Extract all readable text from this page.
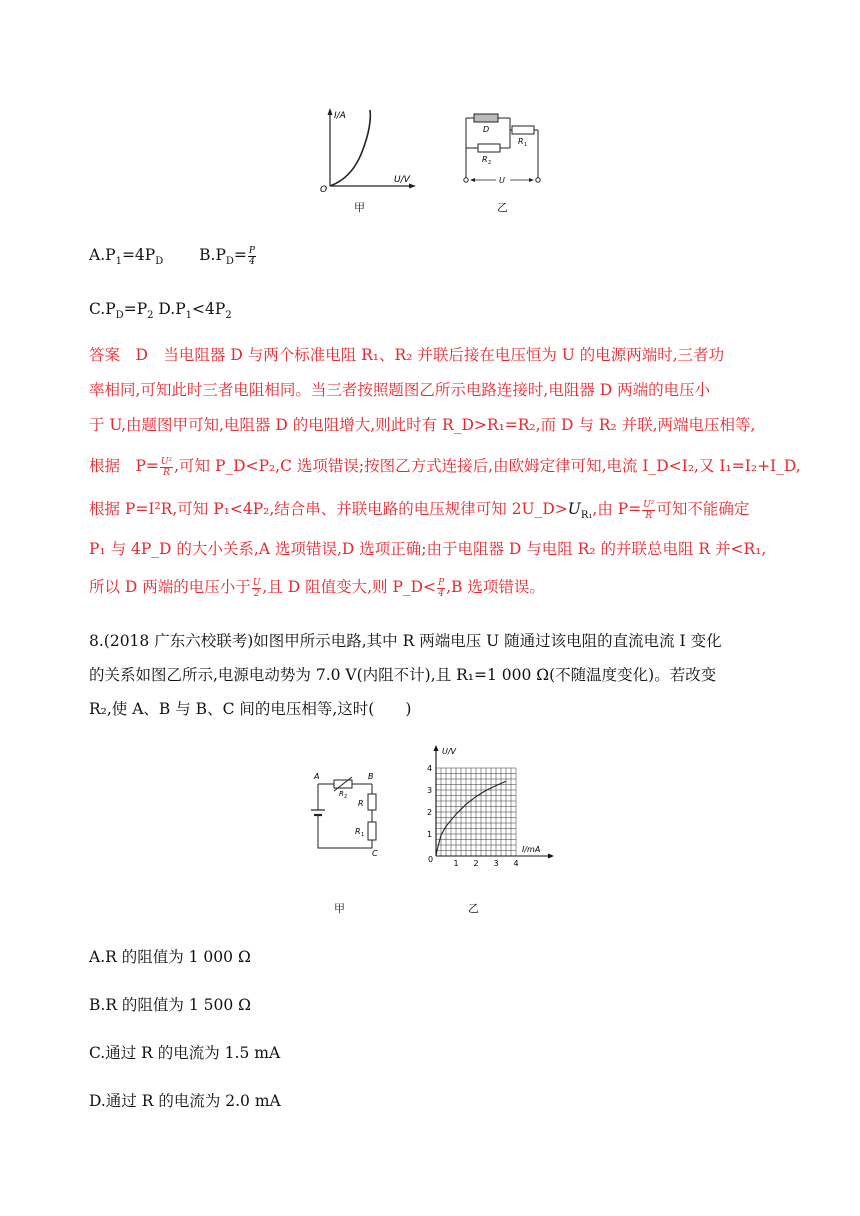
I/A
U/V
O
甲
D
R 1
R 2
U
乙
$A.P_1=4P_D$ $B.P_D= \frac{P}{4}$
$C.P_D=P_2$ $D.P_1<4P_2$
答案　D　当电阻器 D 与两个标准电阻 R₁、R₂ 并联后接在电压恒为 U 的电源两端时,三者功
率相同,可知此时三者电阻相同。当三者按照题图乙所示电路连接时,电阻器 D 两端的电压小
于 U,由题图甲可知,电阻器 D 的电阻增大,则此时有 R_D>R₁=R₂,而 D 与 R₂ 并联,两端电压相等,
根据　$P= \frac{\text{U²}}{R}$ ,可知 P_D<P₂,C 选项错误;按图乙方式连接后,由欧姆定律可知,电流 I_D<I₂,又 I₁=I₂+I_D,
根据 P=I²R,可知 P₁<4P₂,结合串、并联电路的电压规律可知 $2U\_D>U_{R_1}$,由 $P= \frac{\text{U²}}{R}$ 可知不能确定
P₁ 与 4P_D 的大小关系,A 选项错误,D 选项正确;由于电阻器 D 与电阻 R₂ 的并联总电阻 R 并<R₁,
所以 D 两端的电压小于 $\frac{U}{2}$ ,且 D 阻值变大,则 P_D< $\frac{P}{4} ,B$ 选项错误。
8.(2018 广东六校联考)如图甲所示电路,其中 R 两端电压 U 随通过该电阻的直流电流 I 变化
的关系如图乙所示,电源电动势为 7.0 V(内阻不计),且 R₁=1 000 Ω(不随温度变化)。若改变
R₂,使 A、B 与 B、C 间的电压相等,这时(　　)
A	B
C
R 2
R
R 1
甲
1 2 3 4
1
2
3
4
U/V
I/mA
0
乙
A.R 的阻值为 1 000 Ω
B.R 的阻值为 1 500 Ω
C.通过 R 的电流为 1.5 mA
D.通过 R 的电流为 2.0 mA
